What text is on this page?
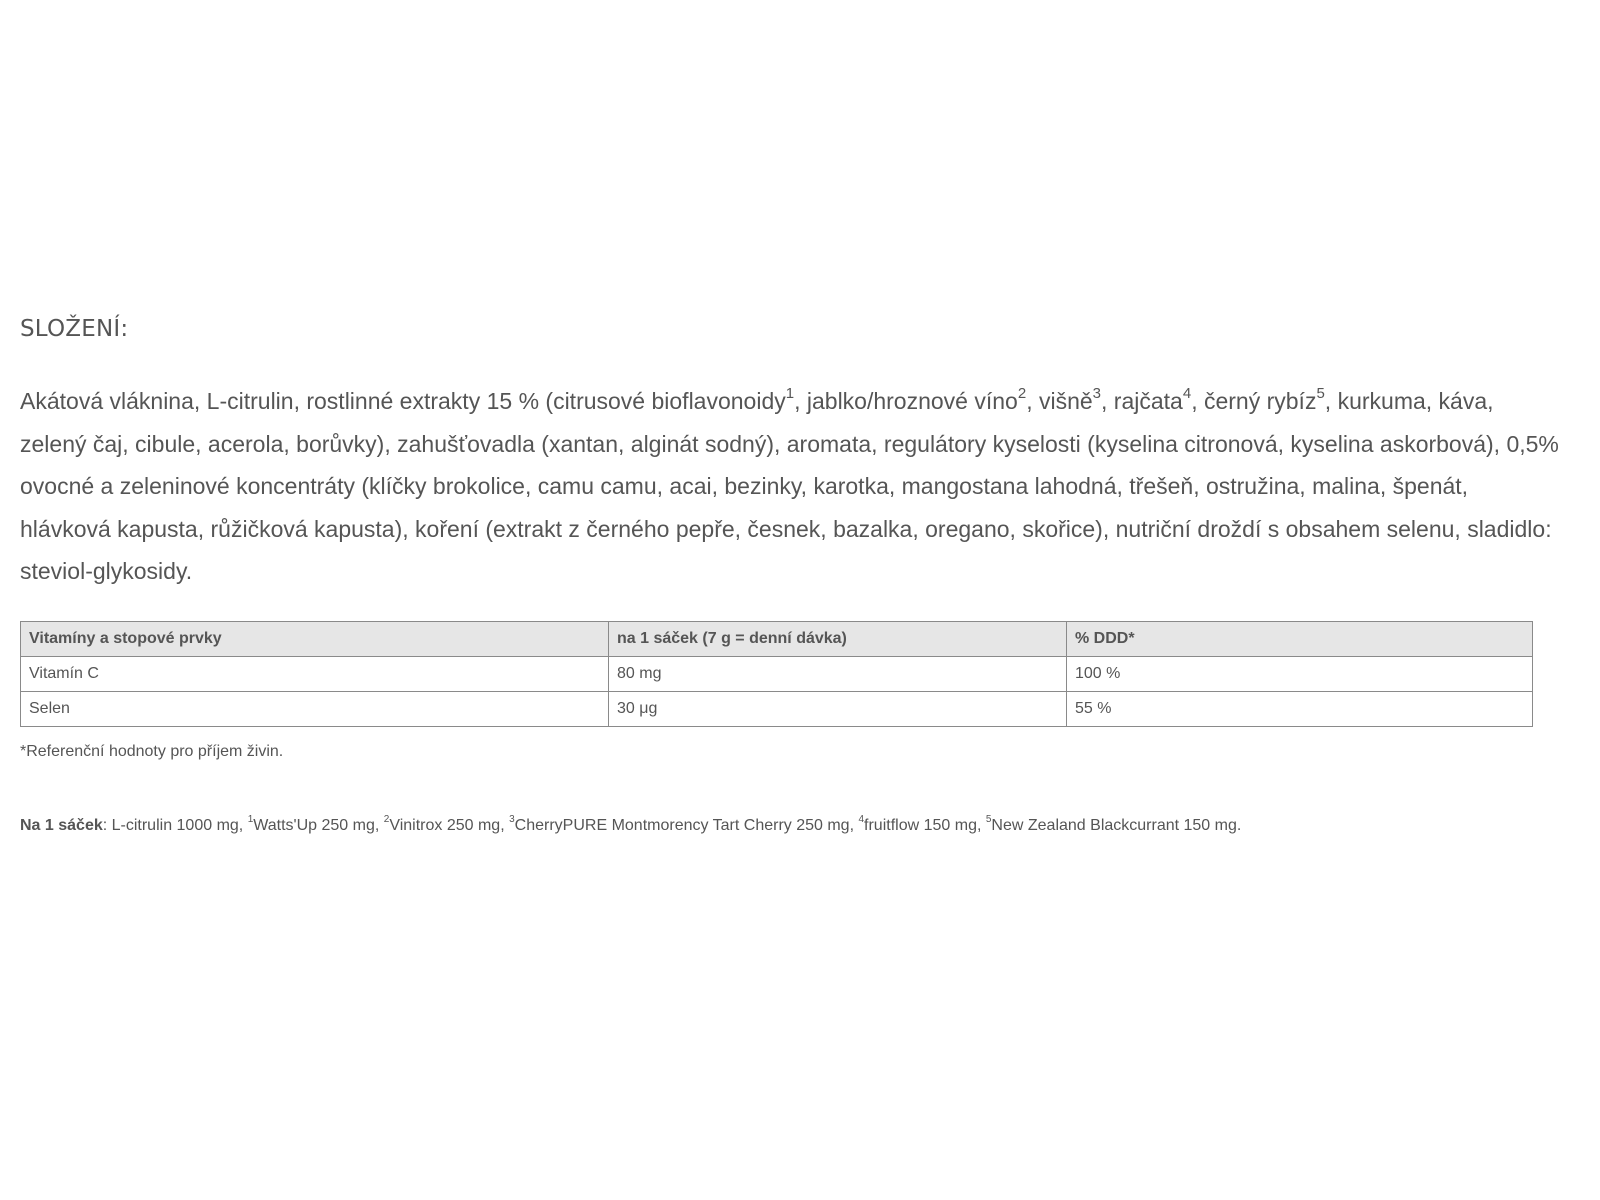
SLOŽENÍ:

Akátová vláknina, L-citrulin, rostlinné extrakty 15 % (citrusové bioflavonoidy$^1$, jablko/hroznové víno$^2$, višně$^3$, rajčata$^4$, černý rybíz$^5$, kurkuma, káva, zelený čaj, cibule, acerola, borůvky), zahušťovadla (xantan, alginát sodný), aromata, regulátory kyselosti (kyselina citronová, kyselina askorbová), 0,5% ovocné a zeleninové koncentráty (klíčky brokolice, camu camu, acai, bezinky, karotka, mangostana lahodná, třešeň, ostružina, malina, špenát, hlávková kapusta, růžičková kapusta), koření (extrakt z černého pepře, česnek, bazalka, oregano, skořice), nutriční droždí s obsahem selenu, sladidlo: steviol-glykosidy.

Vitamíny a stopové prvky	na 1 sáček (7 g = denní dávka)	% DDD*
Vitamín C	80 mg	100 %
Selen	30 μg	55 %

*Referenční hodnoty pro příjem živin.

Na 1 sáček: L-citrulin 1000 mg, $^1$Watts'Up 250 mg, $^2$Vinitrox 250 mg, $^3$CherryPURE Montmorency Tart Cherry 250 mg, $^4$fruitflow 150 mg, $^5$New Zealand Blackcurrant 150 mg.
